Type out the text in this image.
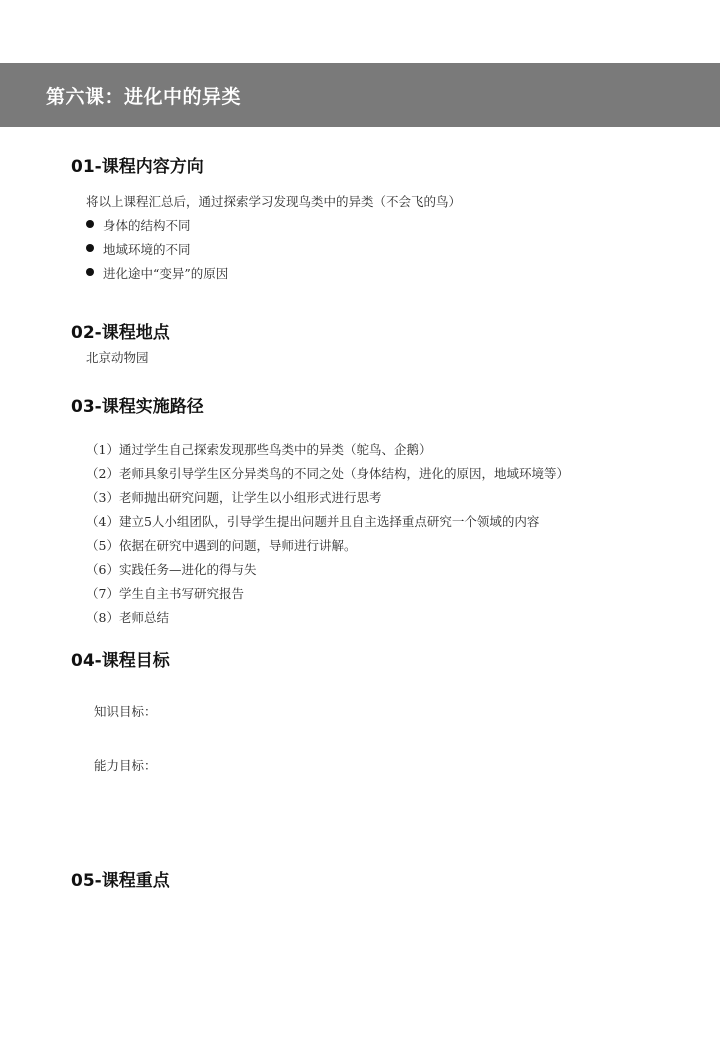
第六课：进化中的异类
01-课程内容方向
将以上课程汇总后，通过探索学习发现鸟类中的异类（不会飞的鸟）
身体的结构不同
地域环境的不同
进化途中“变异”的原因
02-课程地点
北京动物园
03-课程实施路径
（1）通过学生自己探索发现那些鸟类中的异类（鸵鸟、企鹅）
（2）老师具象引导学生区分异类鸟的不同之处（身体结构，进化的原因，地域环境等）
（3）老师抛出研究问题，让学生以小组形式进行思考
（4）建立5人小组团队，引导学生提出问题并且自主选择重点研究一个领域的内容
（5）依据在研究中遇到的问题，导师进行讲解。
（6）实践任务—进化的得与失
（7）学生自主书写研究报告
（8）老师总结
04-课程目标
知识目标：
能力目标：
05-课程重点
